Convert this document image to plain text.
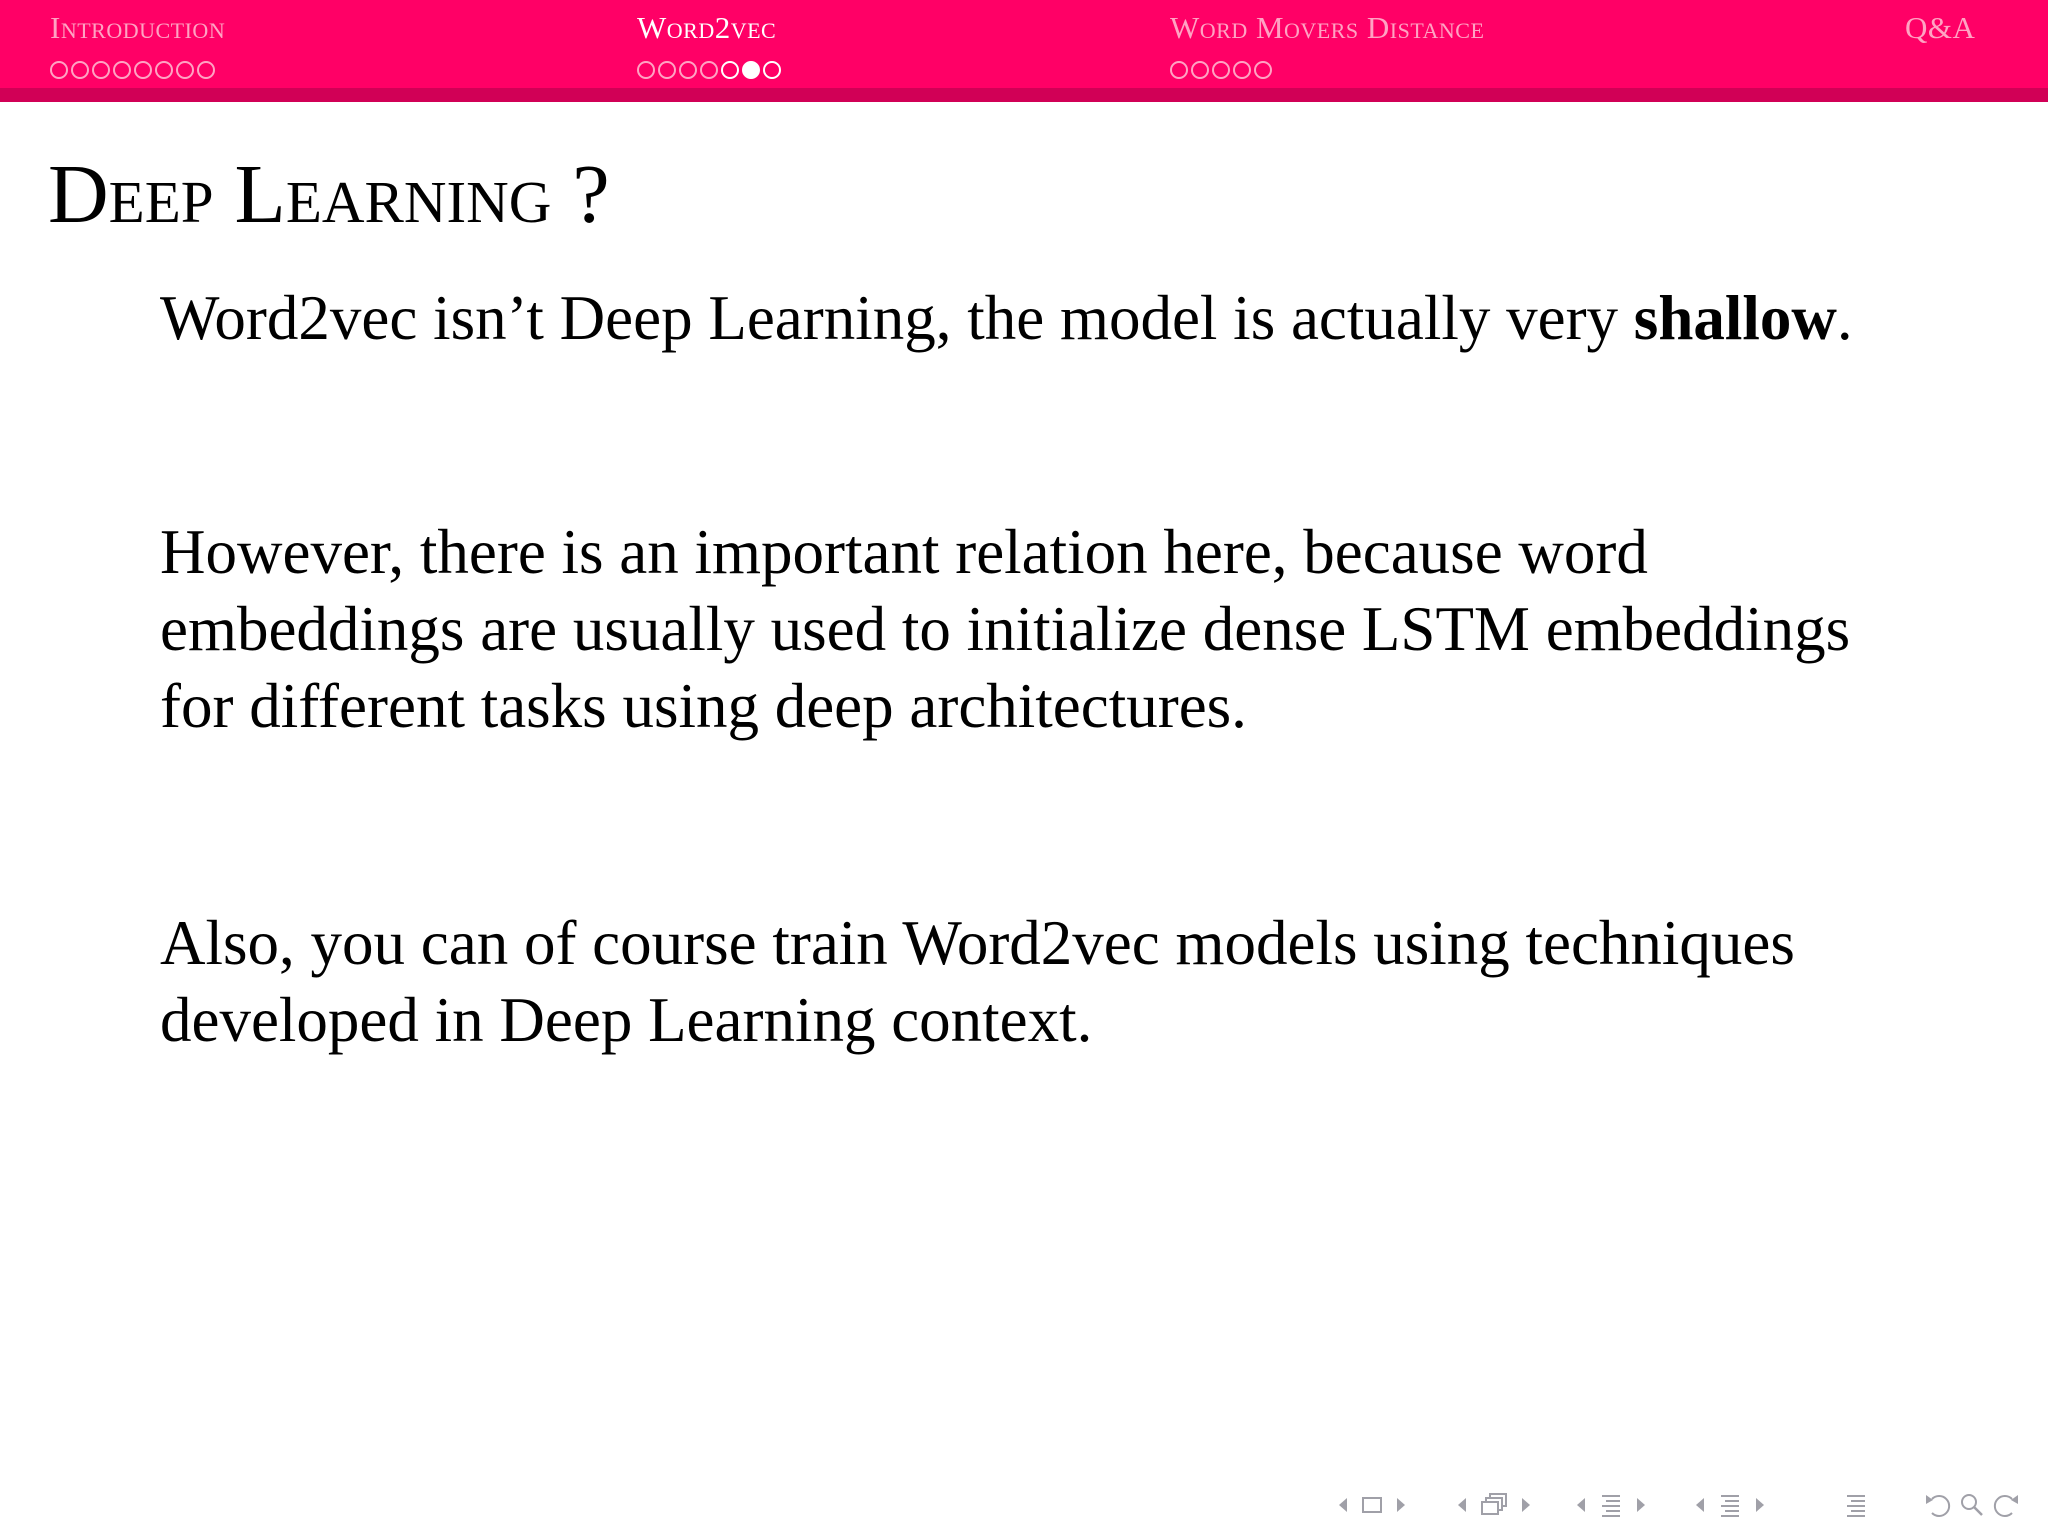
Introduction	Word2vec	Word Movers Distance	Q&A
Deep Learning ?

Word2vec isn’t Deep Learning, the model is actually very shallow.

However, there is an important relation here, because word embeddings are usually used to initialize dense LSTM embeddings for different tasks using deep architectures.

Also, you can of course train Word2vec models using techniques developed in Deep Learning context.
